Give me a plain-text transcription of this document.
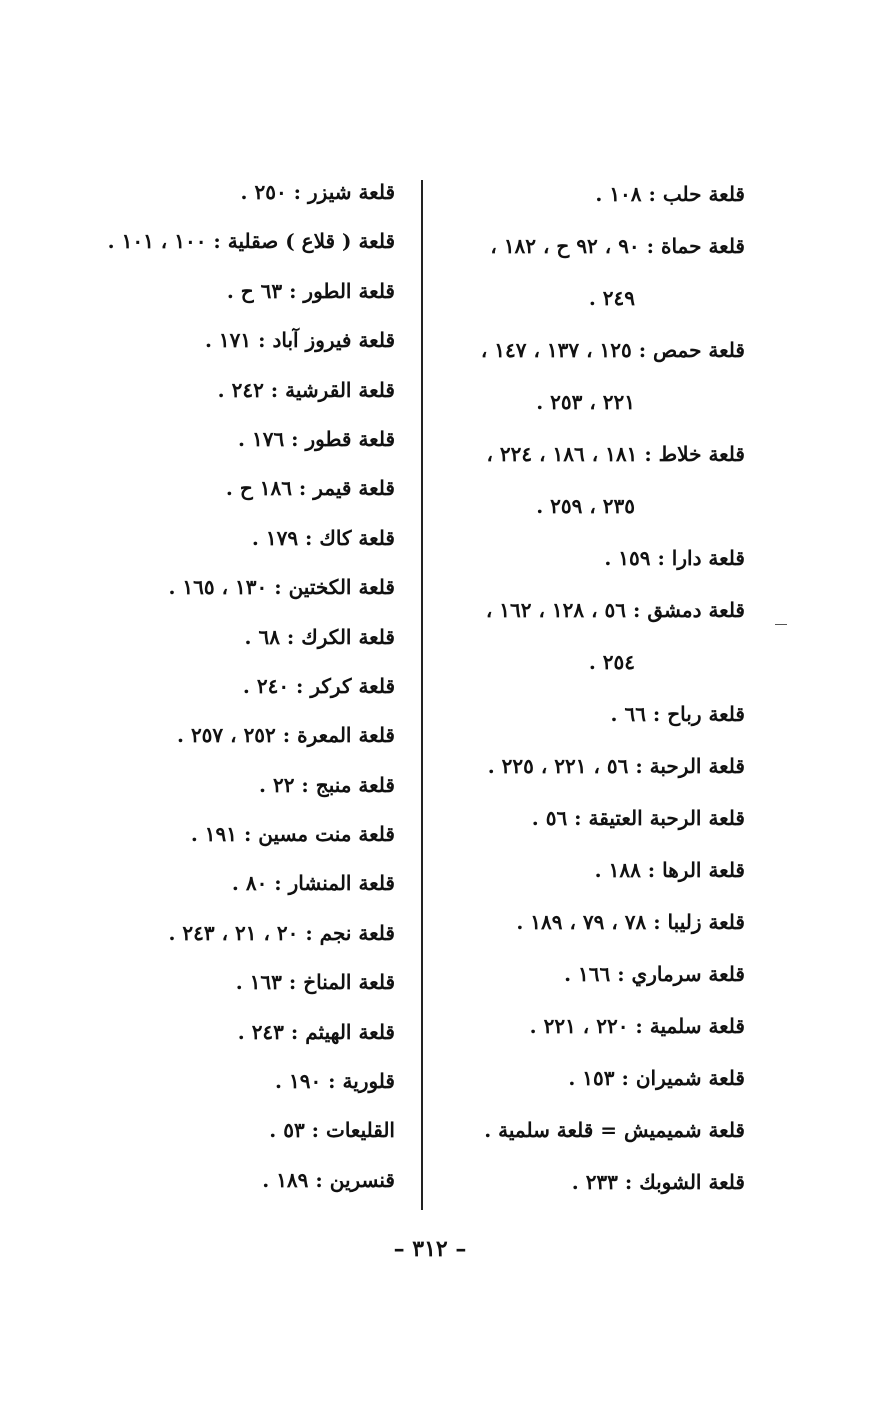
قلعة حلب : ١٠٨ .
قلعة حماة : ٩٠ ، ٩٢ ح ، ١٨٢ ،
٢٤٩ .
قلعة حمص : ١٢٥ ، ١٣٧ ، ١٤٧ ،
٢٢١ ، ٢٥٣ .
قلعة خلاط : ١٨١ ، ١٨٦ ، ٢٢٤ ،
٢٣٥ ، ٢٥٩ .
قلعة دارا : ١٥٩ .
قلعة دمشق : ٥٦ ، ١٢٨ ، ١٦٢ ،
٢٥٤ .
قلعة رباح : ٦٦ .
قلعة الرحبة : ٥٦ ، ٢٢١ ، ٢٢٥ .
قلعة الرحبة العتيقة : ٥٦ .
قلعة الرها : ١٨٨ .
قلعة زليبا : ٧٨ ، ٧٩ ، ١٨٩ .
قلعة سرماري : ١٦٦ .
قلعة سلمية : ٢٢٠ ، ٢٢١ .
قلعة شميران : ١٥٣ .
قلعة شميميش = قلعة سلمية .
قلعة الشوبك : ٢٣٣ .
قلعة شيزر : ٢٥٠ .
قلعة ( قلاع ) صقلية : ١٠٠ ، ١٠١ .
قلعة الطور : ٦٣ ح .
قلعة فيروز آباد : ١٧١ .
قلعة القرشية : ٢٤٢ .
قلعة قطور : ١٧٦ .
قلعة قيمر : ١٨٦ ح .
قلعة كاك : ١٧٩ .
قلعة الكختين : ١٣٠ ، ١٦٥ .
قلعة الكرك : ٦٨ .
قلعة كركر : ٢٤٠ .
قلعة المعرة : ٢٥٢ ، ٢٥٧ .
قلعة منبج : ٢٢ .
قلعة منت مسين : ١٩١ .
قلعة المنشار : ٨٠ .
قلعة نجم : ٢٠ ، ٢١ ، ٢٤٣ .
قلعة المناخ : ١٦٣ .
قلعة الهيثم : ٢٤٣ .
قلورية : ١٩٠ .
القليعات : ٥٣ .
قنسرين : ١٨٩ .
– ٣١٢ –
